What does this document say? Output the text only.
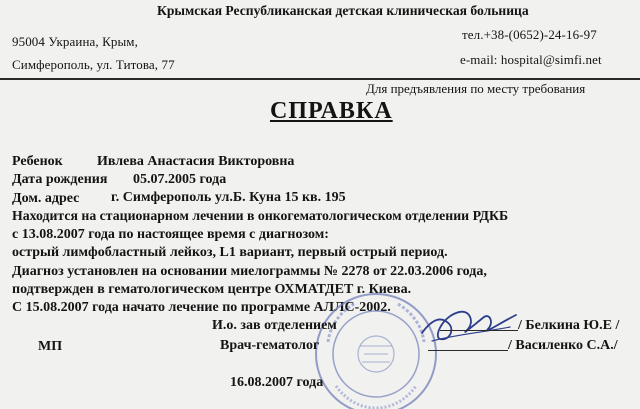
Крымская Республиканская детская клиническая больница
95004 Украина, Крым,	тел.+38-(0652)-24-16-97
Симферополь, ул. Титова, 77	e-mail: hospital@simfi.net
Для предъявления по месту требования
СПРАВКА
Ребенок Ивлева Анастасия Викторовна
Дата рождения 05.07.2005 года
Дом. адрес г. Симферополь ул.Б. Куна 15 кв. 195
Находится на стационарном лечении в онкогематологическом отделении РДКБ
с 13.08.2007 года по настоящее время с диагнозом:
острый лимфобластный лейкоз, L1 вариант, первый острый период.
Диагноз установлен на основании миелограммы № 2278 от 22.03.2006 года,
подтвержден в гематологическом центре ОХМАТДЕТ г. Киева.
С 15.08.2007 года начато лечение по программе АЛЛС-2002.
И.о. зав отделением	/ Белкина Ю.Е /
МП	Врач-гематолог	/ Василенко С.А./
16.08.2007 года
